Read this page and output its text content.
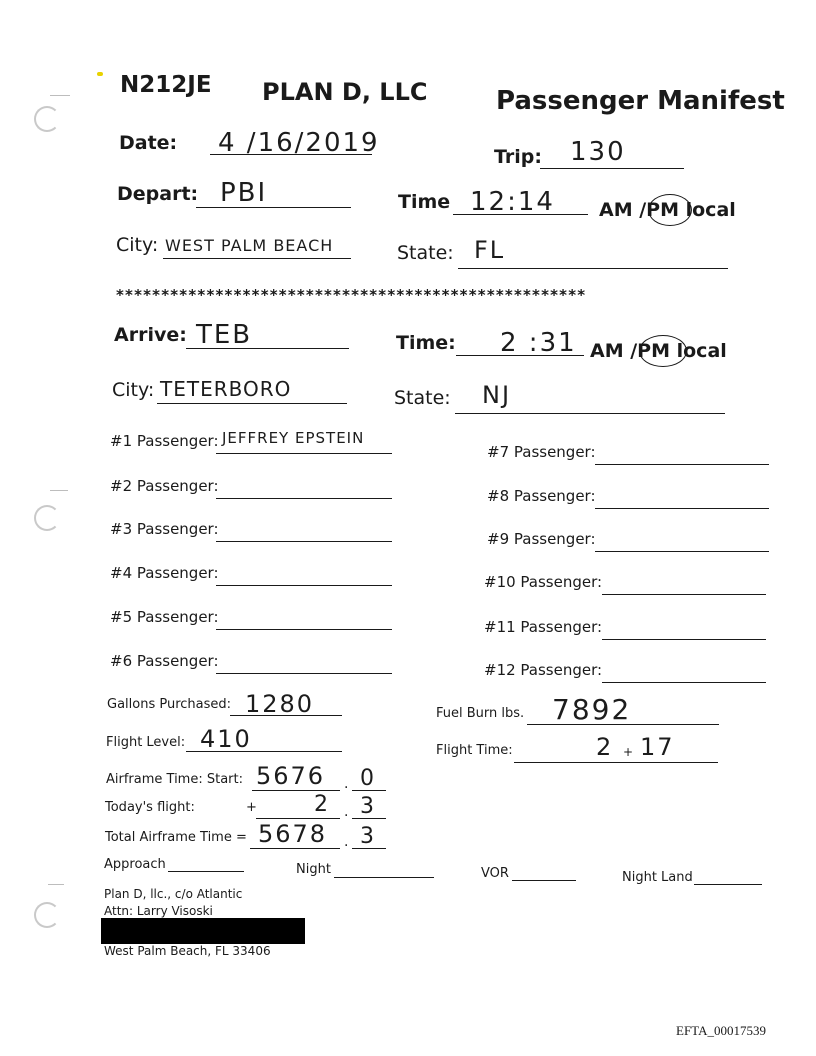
N212JE PLAN D, LLC	Passenger Manifest
Date: 4 /16/2019	Trip: 130
Depart: PBI	Time 12:14 AM /PM local
City: WEST PALM BEACH	State: FL
****************************************************
Arrive: TEB	Time: 2 :31 AM /PM local
City: TETERBORO	State: NJ
#1 Passenger: JEFFREY EPSTEIN
#2 Passenger:
#3 Passenger:
#4 Passenger:
#5 Passenger:
#6 Passenger:
#7 Passenger:
#8 Passenger:
#9 Passenger:
#10 Passenger:
#11 Passenger:
#12 Passenger:
Gallons Purchased: 1280	Fuel Burn lbs. 7892
Flight Level: 410	Flight Time:	2 + 17
Airframe Time: Start: 5676 . 0
Today's flight:	+	2 . 3
Total Airframe Time = 5678 . 3
Approach	Night	VOR	Night Land
Plan D, llc., c/o Atlantic
Attn: Larry Visoski
West Palm Beach, FL 33406
EFTA_00017539
